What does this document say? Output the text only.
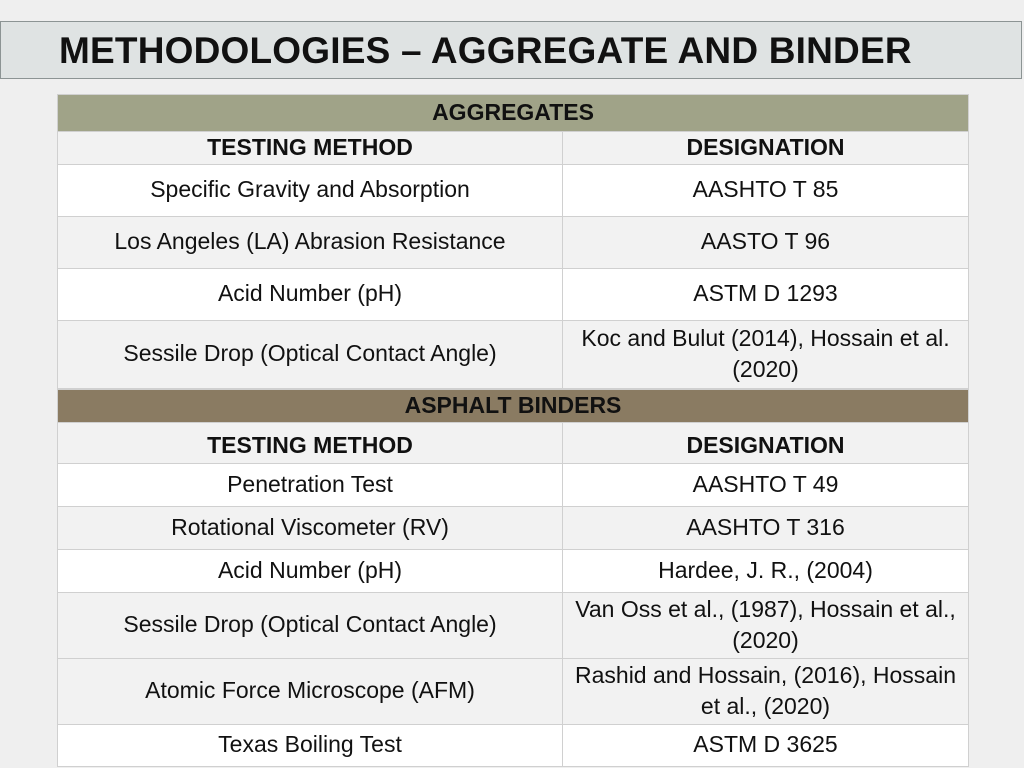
METHODOLOGIES – AGGREGATE AND BINDER
AGGREGATES	
TESTING METHOD	DESIGNATION
Specific Gravity and Absorption	AASHTO T 85
Los Angeles (LA) Abrasion Resistance	AASTO T 96
Acid Number (pH)	ASTM D 1293
Sessile Drop (Optical Contact Angle)	Koc and Bulut (2014), Hossain et al. (2020)
ASPHALT BINDERS	
TESTING METHOD	DESIGNATION
Penetration Test	AASHTO T 49
Rotational Viscometer (RV)	AASHTO T 316
Acid Number (pH)	Hardee, J. R., (2004)
Sessile Drop (Optical Contact Angle)	Van Oss et al., (1987), Hossain et al., (2020)
Atomic Force Microscope (AFM)	Rashid and Hossain, (2016), Hossain et al., (2020)
Texas Boiling Test	ASTM D 3625
